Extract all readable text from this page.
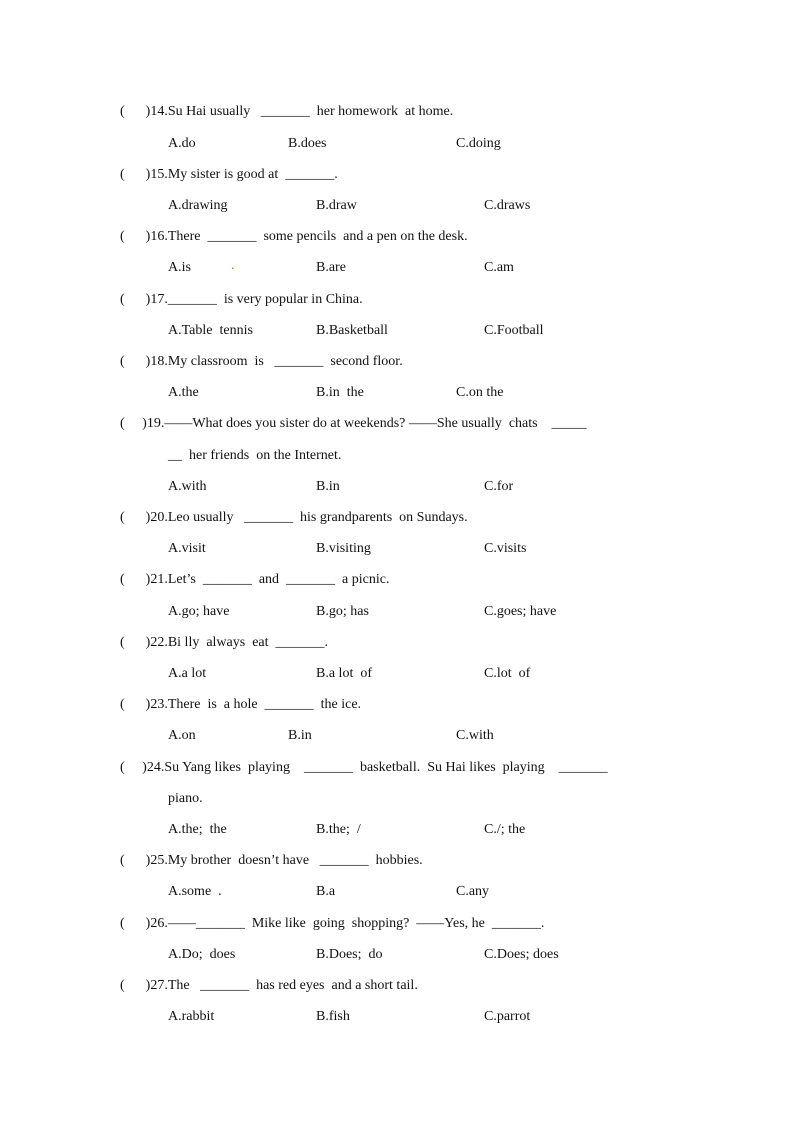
(      )14.Su Hai usually   _______  her homework  at home.
A.do	B.does	C.doing
(      )15.My sister is good at  _______.
A.drawing	B.draw	C.draws
(      )16.There  _______  some pencils  and a pen on the desk.
A.is	.	B.are	C.am
(      )17._______  is very popular in China.
A.Table  tennis	B.Basketball	C.Football
(      )18.My classroom  is   _______  second floor.
A.the	B.in  the	C.on the
(     )19.——What does you sister do at weekends? ——She usually  chats    _____
__  her friends  on the Internet.
A.with	B.in	C.for
(      )20.Leo usually   _______  his grandparents  on Sundays.
A.visit	B.visiting	C.visits
(      )21.Let’s  _______  and  _______  a picnic.
A.go; have	B.go; has	C.goes; have
(      )22.Bi lly  always  eat  _______.
A.a lot	B.a lot  of	C.lot  of
(      )23.There  is  a hole  _______  the ice.
A.on	B.in	C.with
(     )24.Su Yang likes  playing    _______  basketball.  Su Hai likes  playing    _______
piano.
A.the;  the	B.the;  /	C./; the
(      )25.My brother  doesn’t have   _______  hobbies.
A.some  .	B.a	C.any
(      )26.——_______  Mike like  going  shopping?  ——Yes, he  _______.
A.Do;  does	B.Does;  do	C.Does; does
(      )27.The   _______  has red eyes  and a short tail.
A.rabbit	B.fish	C.parrot
